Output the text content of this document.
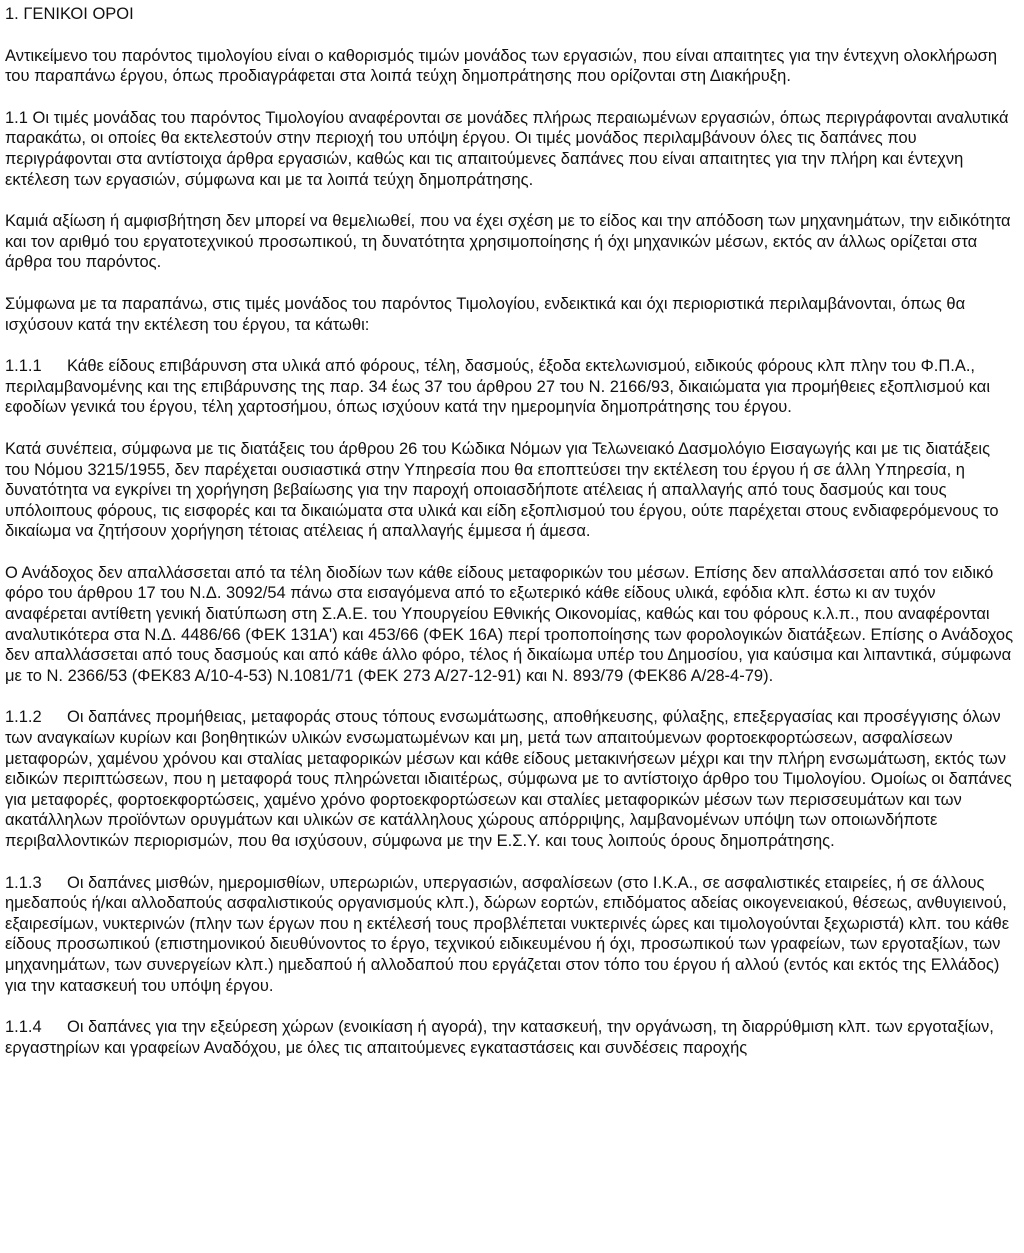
1. ΓΕΝΙΚΟΙ ΟΡΟΙ

Αντικείμενο του παρόντος τιμολογίου είναι ο καθορισμός τιμών μονάδος των εργασιών, που είναι απαιτητες για την έντεχνη ολοκλήρωση του παραπάνω έργου, όπως προδιαγράφεται στα λοιπά τεύχη δημοπράτησης που ορίζονται στη Διακήρυξη.

1.1 Οι τιμές μονάδας του παρόντος Τιμολογίου αναφέρονται σε μονάδες πλήρως περαιωμένων εργασιών, όπως περιγράφονται αναλυτικά παρακάτω, οι οποίες θα εκτελεστούν στην περιοχή του υπόψη έργου. Οι τιμές μονάδος περιλαμβάνουν όλες τις δαπάνες που περιγράφονται στα αντίστοιχα άρθρα εργασιών, καθώς και τις απαιτούμενες δαπάνες που είναι απαιτητες για την πλήρη και έντεχνη εκτέλεση των εργασιών, σύμφωνα και με τα λοιπά τεύχη δημοπράτησης.

Καμιά αξίωση ή αμφισβήτηση δεν μπορεί να θεμελιωθεί, που να έχει σχέση με το είδος και την απόδοση των μηχανημάτων, την ειδικότητα και τον αριθμό του εργατοτεχνικού προσωπικού, τη δυνατότητα χρησιμοποίησης ή όχι μηχανικών μέσων, εκτός αν άλλως ορίζεται στα άρθρα του παρόντος.

Σύμφωνα με τα παραπάνω, στις τιμές μονάδος του παρόντος Τιμολογίου, ενδεικτικά και όχι περιοριστικά περιλαμβάνονται, όπως θα ισχύσουν κατά την εκτέλεση του έργου, τα κάτωθι:

1.1.1 Κάθε είδους επιβάρυνση στα υλικά από φόρους, τέλη, δασμούς, έξοδα εκτελωνισμού, ειδικούς φόρους κλπ πλην του Φ.Π.Α., περιλαμβανομένης και της επιβάρυνσης της παρ. 34 έως 37 του άρθρου 27 του Ν. 2166/93, δικαιώματα για προμήθειες εξοπλισμού και εφοδίων γενικά του έργου, τέλη χαρτοσήμου, όπως ισχύουν κατά την ημερομηνία δημοπράτησης του έργου.

Κατά συνέπεια, σύμφωνα με τις διατάξεις του άρθρου 26 του Κώδικα Νόμων για Τελωνειακό Δασμολόγιο Εισαγωγής και με τις διατάξεις του Νόμου 3215/1955, δεν παρέχεται ουσιαστικά στην Υπηρεσία που θα εποπτεύσει την εκτέλεση του έργου ή σε άλλη Υπηρεσία, η δυνατότητα να εγκρίνει τη χορήγηση βεβαίωσης για την παροχή οποιασδήποτε ατέλειας ή απαλλαγής από τους δασμούς και τους υπόλοιπους φόρους, τις εισφορές και τα δικαιώματα στα υλικά και είδη εξοπλισμού του έργου, ούτε παρέχεται στους ενδιαφερόμενους το δικαίωμα να ζητήσουν χορήγηση τέτοιας ατέλειας ή απαλλαγής έμμεσα ή άμεσα.

Ο Ανάδοχος δεν απαλλάσσεται από τα τέλη διοδίων των κάθε είδους μεταφορικών του μέσων. Επίσης δεν απαλλάσσεται από τον ειδικό φόρο του άρθρου 17 του Ν.Δ. 3092/54 πάνω στα εισαγόμενα από το εξωτερικό κάθε είδους υλικά, εφόδια κλπ. έστω κι αν τυχόν αναφέρεται αντίθετη γενική διατύπωση στη Σ.Α.Ε. του Υπουργείου Εθνικής Οικονομίας, καθώς και του φόρους κ.λ.π., που αναφέρονται αναλυτικότερα στα Ν.Δ. 4486/66 (ΦΕΚ 131Α') και 453/66 (ΦΕΚ 16Α) περί τροποποίησης των φορολογικών διατάξεων. Επίσης ο Ανάδοχος δεν απαλλάσσεται από τους δασμούς και από κάθε άλλο φόρο, τέλος ή δικαίωμα υπέρ του Δημοσίου, για καύσιμα και λιπαντικά, σύμφωνα με το Ν. 2366/53 (ΦΕΚ83 Α/10-4-53) Ν.1081/71 (ΦΕΚ 273 Α/27-12-91) και Ν. 893/79 (ΦΕΚ86 Α/28-4-79).

1.1.2 Οι δαπάνες προμήθειας, μεταφοράς στους τόπους ενσωμάτωσης, αποθήκευσης, φύλαξης, επεξεργασίας και προσέγγισης όλων των αναγκαίων κυρίων και βοηθητικών υλικών ενσωματωμένων και μη, μετά των απαιτούμενων φορτοεκφορτώσεων, ασφαλίσεων μεταφορών, χαμένου χρόνου και σταλίας μεταφορικών μέσων και κάθε είδους μετακινήσεων μέχρι και την πλήρη ενσωμάτωση, εκτός των ειδικών περιπτώσεων, που η μεταφορά τους πληρώνεται ιδιαιτέρως, σύμφωνα με το αντίστοιχο άρθρο του Τιμολογίου. Ομοίως οι δαπάνες για μεταφορές, φορτοεκφορτώσεις, χαμένο χρόνο φορτοεκφορτώσεων και σταλίες μεταφορικών μέσων των περισσευμάτων και των ακατάλληλων προϊόντων ορυγμάτων και υλικών σε κατάλληλους χώρους απόρριψης, λαμβανομένων υπόψη των οποιωνδήποτε περιβαλλοντικών περιορισμών, που θα ισχύσουν, σύμφωνα με την Ε.Σ.Υ. και τους λοιπούς όρους δημοπράτησης.

1.1.3 Οι δαπάνες μισθών, ημερομισθίων, υπερωριών, υπεργασιών, ασφαλίσεων (στο Ι.Κ.Α., σε ασφαλιστικές εταιρείες, ή σε άλλους ημεδαπούς ή/και αλλοδαπούς ασφαλιστικούς οργανισμούς κλπ.), δώρων εορτών, επιδόματος αδείας οικογενειακού, θέσεως, ανθυγιεινού, εξαιρεσίμων, νυκτερινών (πλην των έργων που η εκτέλεσή τους προβλέπεται νυκτερινές ώρες και τιμολογούνται ξεχωριστά) κλπ. του κάθε είδους προσωπικού (επιστημονικού διευθύνοντος το έργο, τεχνικού ειδικευμένου ή όχι, προσωπικού των γραφείων, των εργοταξίων, των μηχανημάτων, των συνεργείων κλπ.) ημεδαπού ή αλλοδαπού που εργάζεται στον τόπο του έργου ή αλλού (εντός και εκτός της Ελλάδος) για την κατασκευή του υπόψη έργου.

1.1.4 Οι δαπάνες για την εξεύρεση χώρων (ενοικίαση ή αγορά), την κατασκευή, την οργάνωση, τη διαρρύθμιση κλπ. των εργοταξίων, εργαστηρίων και γραφείων Αναδόχου, με όλες τις απαιτούμενες εγκαταστάσεις και συνδέσεις παροχής
